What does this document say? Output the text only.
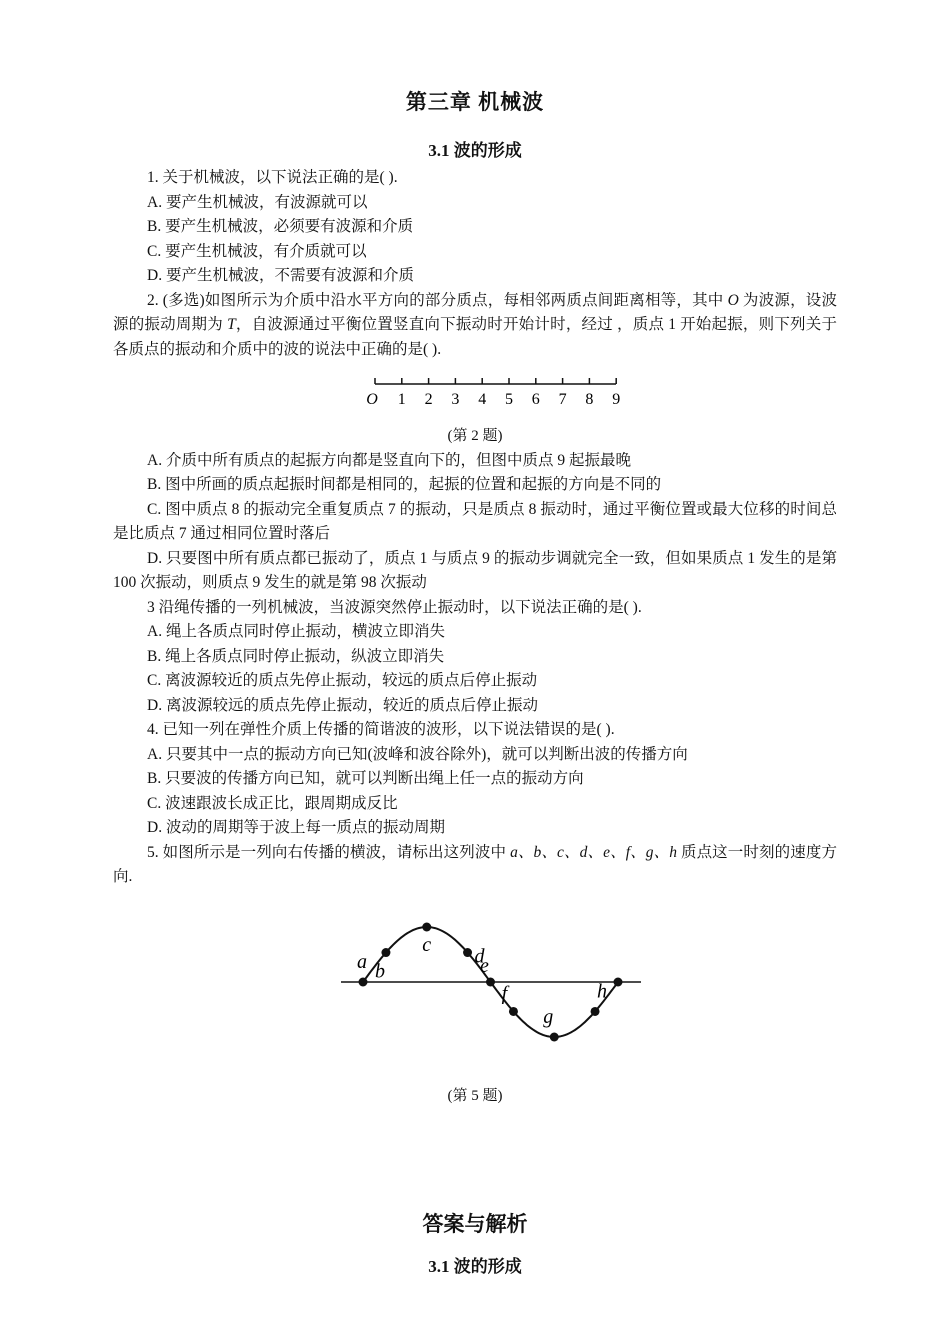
第三章 机械波
3.1 波的形成

1. 关于机械波，以下说法正确的是( ).

A. 要产生机械波，有波源就可以

B. 要产生机械波，必须要有波源和介质

C. 要产生机械波，有介质就可以

D. 要产生机械波，不需要有波源和介质

2. (多选)如图所示为介质中沿水平方向的部分质点，每相邻两质点间距离相等，其中 O 为波源，设波源的振动周期为 T，自波源通过平衡位置竖直向下振动时开始计时，经过 ，质点 1 开始起振，则下列关于各质点的振动和介质中的波的说法中正确的是( ).

O 1 2 3 4 5 6 7 8 9
(第 2 题)

A. 介质中所有质点的起振方向都是竖直向下的，但图中质点 9 起振最晚

B. 图中所画的质点起振时间都是相同的，起振的位置和起振的方向是不同的

C. 图中质点 8 的振动完全重复质点 7 的振动，只是质点 8 振动时，通过平衡位置或最大位移的时间总是比质点 7 通过相同位置时落后

D. 只要图中所有质点都已振动了，质点 1 与质点 9 的振动步调就完全一致，但如果质点 1 发生的是第 100 次振动，则质点 9 发生的就是第 98 次振动

3 沿绳传播的一列机械波，当波源突然停止振动时，以下说法正确的是( ).

A. 绳上各质点同时停止振动，横波立即消失

B. 绳上各质点同时停止振动，纵波立即消失

C. 离波源较近的质点先停止振动，较远的质点后停止振动

D. 离波源较远的质点先停止振动，较近的质点后停止振动

4. 已知一列在弹性介质上传播的简谐波的波形，以下说法错误的是( ).

A. 只要其中一点的振动方向已知(波峰和波谷除外)，就可以判断出波的传播方向

B. 只要波的传播方向已知，就可以判断出绳上任一点的振动方向

C. 波速跟波长成正比，跟周期成反比

D. 波动的周期等于波上每一质点的振动周期

5. 如图所示是一列向右传播的横波，请标出这列波中 a、b、c、d、e、f、g、h 质点这一时刻的速度方向.

a b
c
d
e
f
g
h
(第 5 题)
答案与解析
3.1 波的形成
